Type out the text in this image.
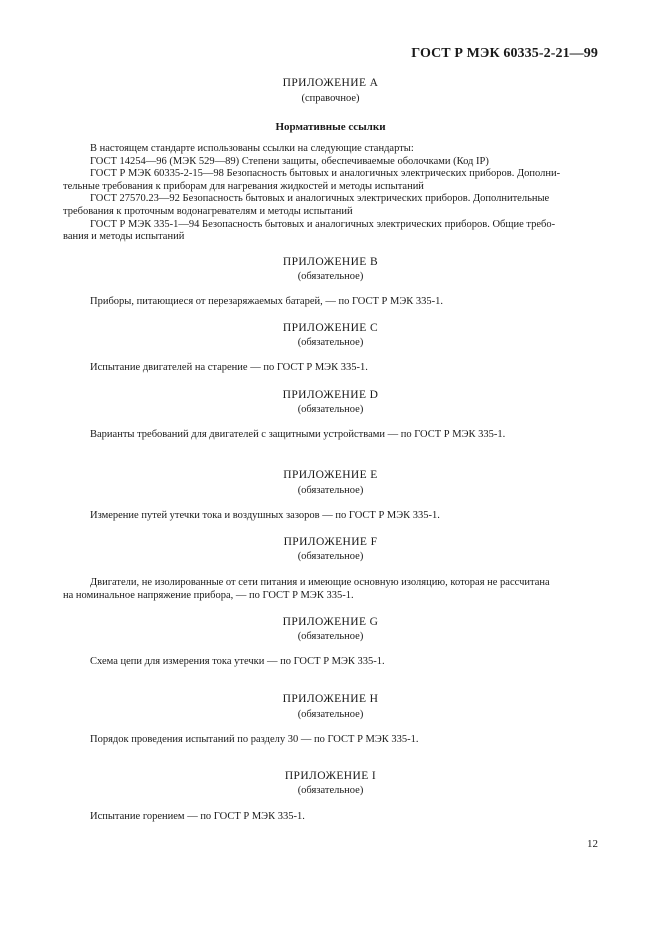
ГОСТ Р МЭК 60335-2-21—99
ПРИЛОЖЕНИЕ А
(справочное)
Нормативные ссылки
В настоящем стандарте использованы ссылки на следующие стандарты:
ГОСТ 14254—96 (МЭК 529—89) Степени защиты, обеспечиваемые оболочками (Код IP)
ГОСТ Р МЭК 60335-2-15—98 Безопасность бытовых и аналогичных электрических приборов. Дополни-
тельные требования к приборам для нагревания жидкостей и методы испытаний
ГОСТ 27570.23—92 Безопасность бытовых и аналогичных электрических приборов. Дополнительные
требования к проточным водонагревателям и методы испытаний
ГОСТ Р МЭК 335-1—94 Безопасность бытовых и аналогичных электрических приборов. Общие требо-
вания и методы испытаний
ПРИЛОЖЕНИЕ В
(обязательное)
Приборы, питающиеся от перезаряжаемых батарей, — по ГОСТ Р МЭК 335-1.
ПРИЛОЖЕНИЕ С
(обязательное)
Испытание двигателей на старение — по ГОСТ Р МЭК 335-1.
ПРИЛОЖЕНИЕ D
(обязательное)
Варианты требований для двигателей с защитными устройствами — по ГОСТ Р МЭК 335-1.
ПРИЛОЖЕНИЕ Е
(обязательное)
Измерение путей утечки тока и воздушных зазоров — по ГОСТ Р МЭК 335-1.
ПРИЛОЖЕНИЕ F
(обязательное)
Двигатели, не изолированные от сети питания и имеющие основную изоляцию, которая не рассчитана
на номинальное напряжение прибора, — по ГОСТ Р МЭК 335-1.
ПРИЛОЖЕНИЕ G
(обязательное)
Схема цепи для измерения тока утечки — по ГОСТ Р МЭК 335-1.
ПРИЛОЖЕНИЕ Н
(обязательное)
Порядок проведения испытаний по разделу 30 — по ГОСТ Р МЭК 335-1.
ПРИЛОЖЕНИЕ I
(обязательное)
Испытание горением — по ГОСТ Р МЭК 335-1.
12
